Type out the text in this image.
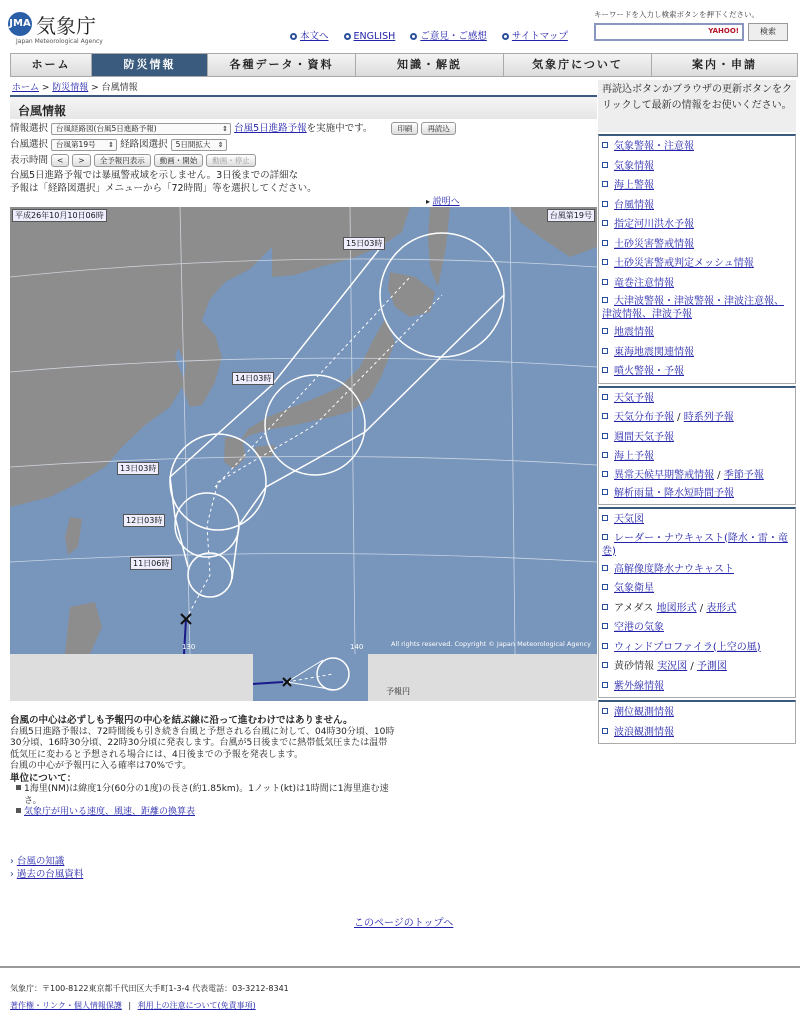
JMA 気象庁
Japan Meteorological Agency	本文へ	ENGLISH	ご意見・ご感想	サイトマップ
キーワードを入力し検索ボタンを押下ください。
YAHOO!	検索
ホーム	防災情報	各種データ・資料	知識・解説	気象庁について	案内・申請
ホーム > 防災情報 > 台風情報
台風情報
情報選択 台風経路図(台風5日進路予報) ⇕	台風5日進路予報を実施中です。	印刷 再読込
台風選択 台風第19号 ⇕	経路図選択 5日間拡大 ⇕
表示時間 < > 全予報円表示 動画・開始 動画・停止
台風5日進路予報では暴風警戒域を示しません。3日後までの詳細な
予報は「経路図選択」メニューから「72時間」等を選択してください。
▸ 説明へ
平成26年10月10日06時	台風第19号
15日03時
14日03時
13日03時
12日03時
11日06時
130	140	All rights reserved. Copyright © Japan Meteorological Agency
予報円
台風の中心は必ずしも予報円の中心を結ぶ線に沿って進むわけではありません。
台風5日進路予報は、72時間後も引き続き台風と予想される台風に対して、04時30分頃、10時
30分頃、16時30分頃、22時30分頃に発表します。台風が5日後までに熱帯低気圧または温帯
低気圧に変わると予想される場合には、4日後までの予報を発表します。
台風の中心が予報円に入る確率は70%です。
単位について：
1海里(NM)は緯度1分(60分の1度)の長さ(約1.85km)。1ノット(kt)は1時間に1海里進む速
さ。
気象庁が用いる速度、風速、距離の換算表
› 台風の知識
› 過去の台風資料
このページのトップへ
気象庁：〒100-8122東京都千代田区大手町1-3-4 代表電話：03-3212-8341
著作権・リンク・個人情報保護 | 利用上の注意について(免責事項)
再読込ボタンかブラウザの更新ボタンをクリックして最新の情報をお使いください。
気象警報・注意報
気象情報
海上警報
台風情報
指定河川洪水予報
土砂災害警戒情報
土砂災害警戒判定メッシュ情報
竜巻注意情報
大津波警報・津波警報・津波注意報、津波情報、津波予報
地震情報
東海地震関連情報
噴火警報・予報
天気予報
天気分布予報 / 時系列予報
週間天気予報
海上予報
異常天候早期警戒情報 / 季節予報
解析雨量・降水短時間予報
天気図
レーダー・ナウキャスト(降水・雷・竜巻)
高解像度降水ナウキャスト
気象衛星
アメダス 地図形式 / 表形式
空港の気象
ウィンドプロファイラ(上空の風)
黄砂情報 実況図 / 予測図
紫外線情報
潮位観測情報
波浪観測情報
